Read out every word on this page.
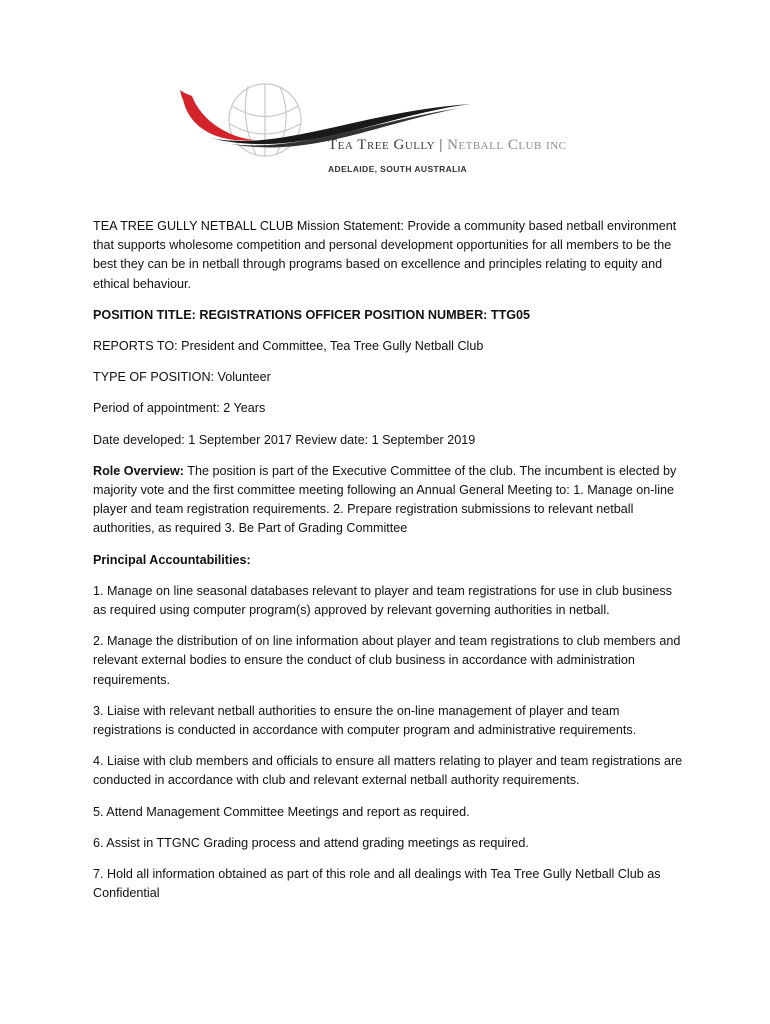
Tea Tree Gully | Netball Club inc
ADELAIDE, SOUTH AUSTRALIA

TEA TREE GULLY NETBALL CLUB Mission Statement: Provide a community based netball environment that supports wholesome competition and personal development opportunities for all members to be the best they can be in netball through programs based on excellence and principles relating to equity and ethical behaviour.

POSITION TITLE: REGISTRATIONS OFFICER POSITION NUMBER: TTG05

REPORTS TO: President and Committee, Tea Tree Gully Netball Club

TYPE OF POSITION: Volunteer

Period of appointment: 2 Years

Date developed: 1 September 2017 Review date: 1 September 2019

Role Overview: The position is part of the Executive Committee of the club. The incumbent is elected by majority vote and the first committee meeting following an Annual General Meeting to: 1. Manage on-line player and team registration requirements. 2. Prepare registration submissions to relevant netball authorities, as required 3. Be Part of Grading Committee

Principal Accountabilities:

1. Manage on line seasonal databases relevant to player and team registrations for use in club business as required using computer program(s) approved by relevant governing authorities in netball.

2. Manage the distribution of on line information about player and team registrations to club members and relevant external bodies to ensure the conduct of club business in accordance with administration requirements.

3. Liaise with relevant netball authorities to ensure the on-line management of player and team registrations is conducted in accordance with computer program and administrative requirements.

4. Liaise with club members and officials to ensure all matters relating to player and team registrations are conducted in accordance with club and relevant external netball authority requirements.

5. Attend Management Committee Meetings and report as required.

6. Assist in TTGNC Grading process and attend grading meetings as required.

7. Hold all information obtained as part of this role and all dealings with Tea Tree Gully Netball Club as Confidential
